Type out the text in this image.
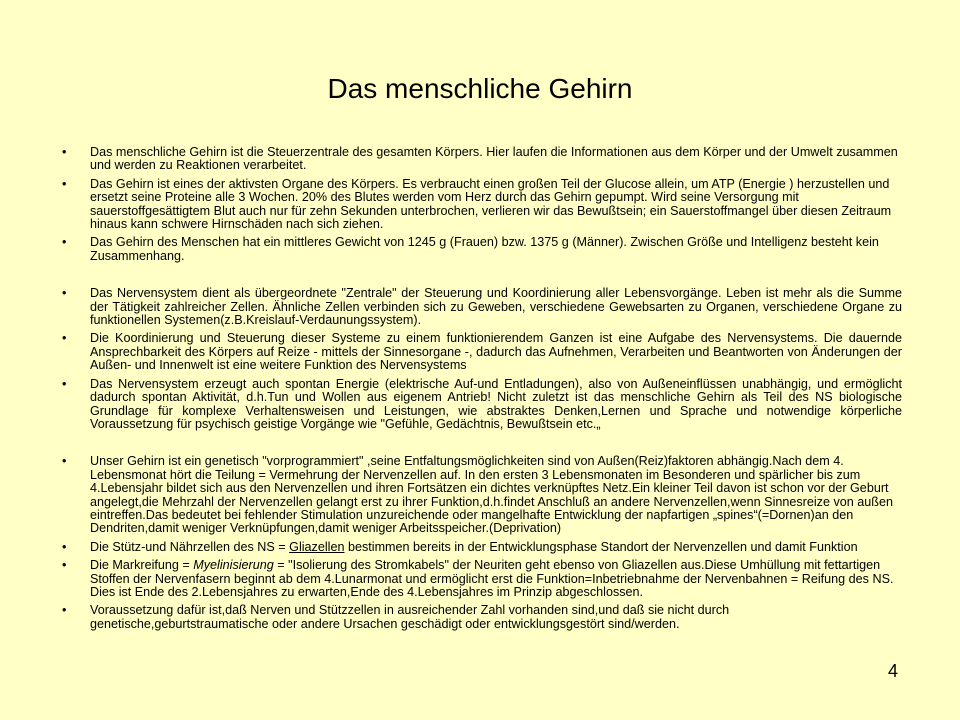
Das menschliche Gehirn
• Das menschliche Gehirn ist die Steuerzentrale des gesamten Körpers. Hier laufen die Informationen aus dem Körper und der Umwelt zusammen und werden zu Reaktionen verarbeitet.
• Das Gehirn ist eines der aktivsten Organe des Körpers. Es verbraucht einen großen Teil der Glucose allein, um ATP (Energie ) herzustellen und ersetzt seine Proteine alle 3 Wochen. 20% des Blutes werden vom Herz durch das Gehirn gepumpt. Wird seine Versorgung mit sauerstoffgesättigtem Blut auch nur für zehn Sekunden unterbrochen, verlieren wir das Bewußtsein; ein Sauerstoffmangel über diesen Zeitraum hinaus kann schwere Hirnschäden nach sich ziehen.
• Das Gehirn des Menschen hat ein mittleres Gewicht von 1245 g (Frauen) bzw. 1375 g (Männer). Zwischen Größe und Intelligenz besteht kein Zusammenhang.
• Das Nervensystem dient als übergeordnete "Zentrale" der Steuerung und Koordinierung aller Lebensvorgänge. Leben ist mehr als die Summe der Tätigkeit zahlreicher Zellen. Ähnliche Zellen verbinden sich zu Geweben, verschiedene Gewebsarten zu Organen, verschiedene Organe zu funktionellen Systemen(z.B.Kreislauf-Verdaunungssystem).
• Die Koordinierung und Steuerung dieser Systeme zu einem funktionierendem Ganzen ist eine Aufgabe des Nervensystems. Die dauernde Ansprechbarkeit des Körpers auf Reize - mittels der Sinnesorgane -, dadurch das Aufnehmen, Verarbeiten und Beantworten von Änderungen der Außen- und Innenwelt ist eine weitere Funktion des Nervensystems
• Das Nervensystem erzeugt auch spontan Energie (elektrische Auf-und Entladungen), also von Außeneinflüssen unabhängig, und ermöglicht dadurch spontan Aktivität, d.h.Tun und Wollen aus eigenem Antrieb! Nicht zuletzt ist das menschliche Gehirn als Teil des NS biologische Grundlage für komplexe Verhaltensweisen und Leistungen, wie abstraktes Denken,Lernen und Sprache und notwendige körperliche Voraussetzung für psychisch geistige Vorgänge wie "Gefühle, Gedächtnis, Bewußtsein etc.„
• Unser Gehirn ist ein genetisch "vorprogrammiert" ,seine Entfaltungsmöglichkeiten sind von Außen(Reiz)faktoren abhängig.Nach dem 4. Lebensmonat hört die Teilung = Vermehrung der Nervenzellen auf. In den ersten 3 Lebensmonaten im Besonderen und spärlicher bis zum 4.Lebensjahr bildet sich aus den Nervenzellen und ihren Fortsätzen ein dichtes verknüpftes Netz.Ein kleiner Teil davon ist schon vor der Geburt angelegt,die Mehrzahl der Nervenzellen gelangt erst zu ihrer Funktion,d.h.findet Anschluß an andere Nervenzellen,wenn Sinnesreize von außen eintreffen.Das bedeutet bei fehlender Stimulation unzureichende oder mangelhafte Entwicklung der napfartigen „spines“(=Dornen)an den Dendriten,damit weniger Verknüpfungen,damit weniger Arbeitsspeicher.(Deprivation)
• Die Stütz-und Nährzellen des NS = Gliazellen bestimmen bereits in der Entwicklungsphase Standort der Nervenzellen und damit Funktion
• Die Markreifung = Myelinisierung = "Isolierung des Stromkabels" der Neuriten geht ebenso von Gliazellen aus.Diese Umhüllung mit fettartigen Stoffen der Nervenfasern beginnt ab dem 4.Lunarmonat und ermöglicht erst die Funktion=Inbetriebnahme der Nervenbahnen = Reifung des NS. Dies ist Ende des 2.Lebensjahres zu erwarten,Ende des 4.Lebensjahres im Prinzip abgeschlossen.
• Voraussetzung dafür ist,daß Nerven und Stützzellen in ausreichender Zahl vorhanden sind,und daß sie nicht durch genetische,geburtstraumatische oder andere Ursachen geschädigt oder entwicklungsgestört sind/werden.
4
